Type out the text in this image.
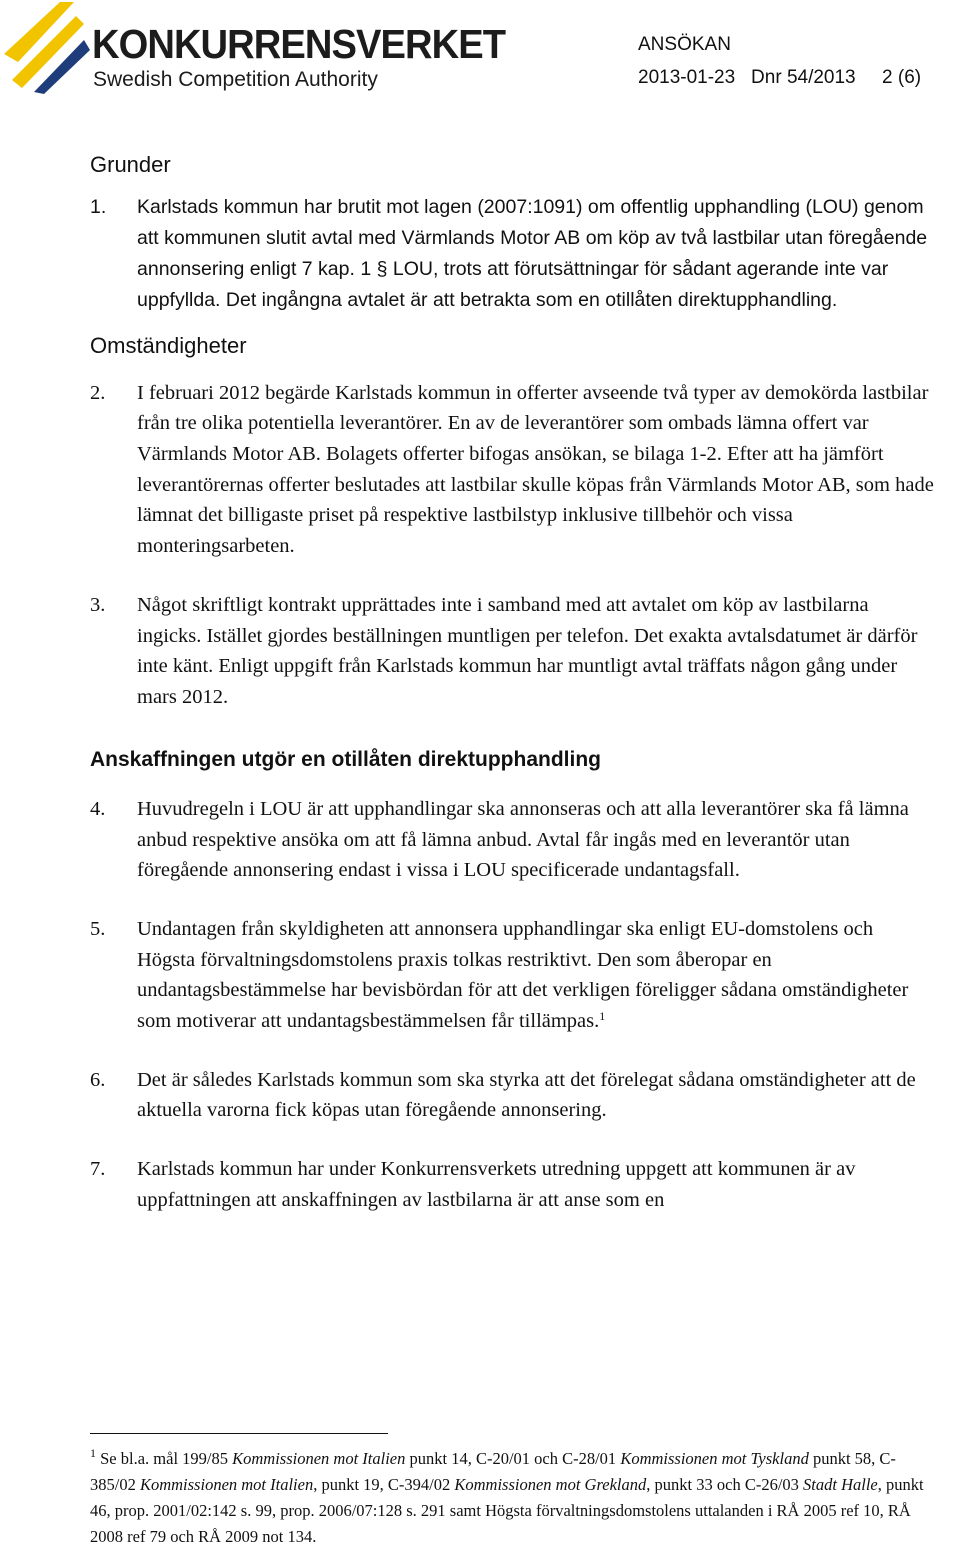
KONKURRENSVERKET
Swedish Competition Authority
ANSÖKAN
2013-01-23 Dnr 54/2013 2 (6)
Grunder

1. Karlstads kommun har brutit mot lagen (2007:1091) om offentlig upphandling (LOU) genom att kommunen slutit avtal med Värmlands Motor AB om köp av två lastbilar utan föregående annonsering enligt 7 kap. 1 § LOU, trots att förutsättningar för sådant agerande inte var uppfyllda. Det ingångna avtalet är att betrakta som en otillåten direktupphandling.

Omständigheter

2. I februari 2012 begärde Karlstads kommun in offerter avseende två typer av demokörda lastbilar från tre olika potentiella leverantörer. En av de leverantörer som ombads lämna offert var Värmlands Motor AB. Bolagets offerter bifogas ansökan, se bilaga 1-2. Efter att ha jämfört leverantörernas offerter beslutades att lastbilar skulle köpas från Värmlands Motor AB, som hade lämnat det billigaste priset på respektive lastbilstyp inklusive tillbehör och vissa monteringsarbeten.

3. Något skriftligt kontrakt upprättades inte i samband med att avtalet om köp av lastbilarna ingicks. Istället gjordes beställningen muntligen per telefon. Det exakta avtalsdatumet är därför inte känt. Enligt uppgift från Karlstads kommun har muntligt avtal träffats någon gång under mars 2012.

Anskaffningen utgör en otillåten direktupphandling

4. Huvudregeln i LOU är att upphandlingar ska annonseras och att alla leverantörer ska få lämna anbud respektive ansöka om att få lämna anbud. Avtal får ingås med en leverantör utan föregående annonsering endast i vissa i LOU specificerade undantagsfall.

5. Undantagen från skyldigheten att annonsera upphandlingar ska enligt EU-domstolens och Högsta förvaltningsdomstolens praxis tolkas restriktivt. Den som åberopar en undantagsbestämmelse har bevisbördan för att det verkligen föreligger sådana omständigheter som motiverar att undantagsbestämmelsen får tillämpas.$^1$

6. Det är således Karlstads kommun som ska styrka att det förelegat sådana omständigheter att de aktuella varorna fick köpas utan föregående annonsering.

7. Karlstads kommun har under Konkurrensverkets utredning uppgett att kommunen är av uppfattningen att anskaffningen av lastbilarna är att anse som en

$^1$ Se bl.a. mål 199/85 Kommissionen mot Italien punkt 14, C-20/01 och C-28/01 Kommissionen mot Tyskland punkt 58, C-385/02 Kommissionen mot Italien, punkt 19, C-394/02 Kommissionen mot Grekland, punkt 33 och C-26/03 Stadt Halle, punkt 46, prop. 2001/02:142 s. 99, prop. 2006/07:128 s. 291 samt Högsta förvaltningsdomstolens uttalanden i RÅ 2005 ref 10, RÅ 2008 ref 79 och RÅ 2009 not 134.
